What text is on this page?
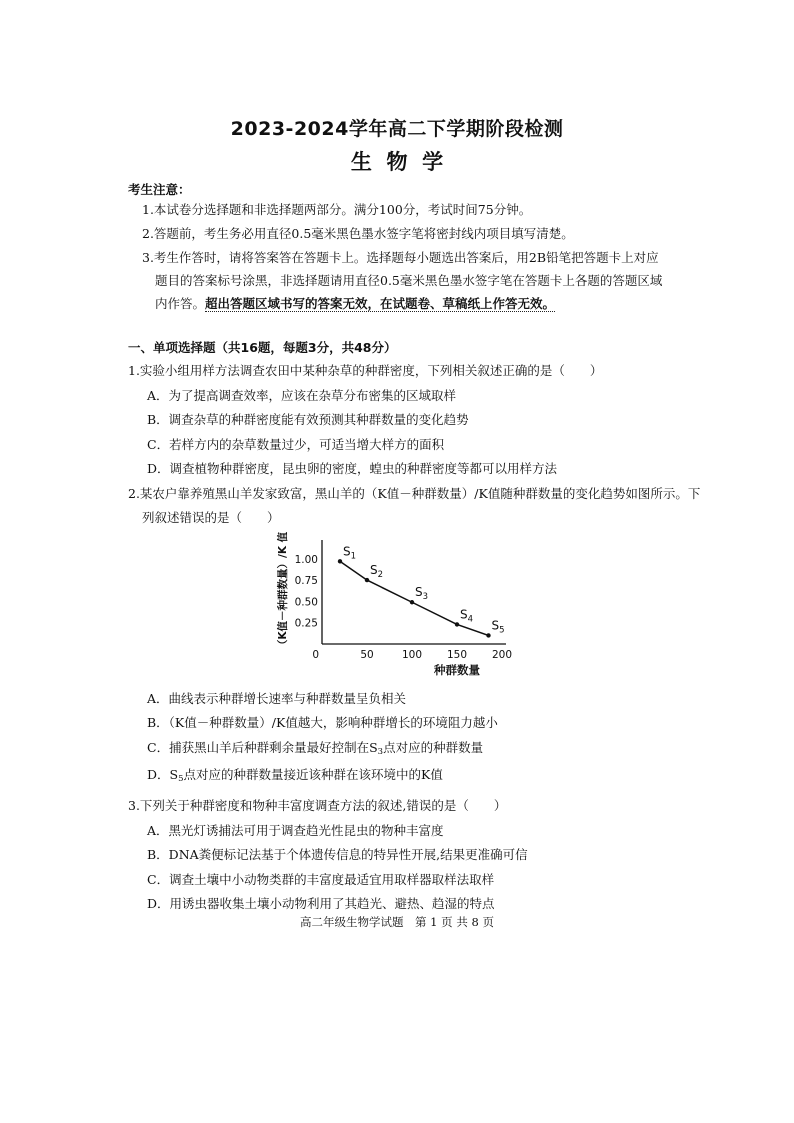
2023-2024学年高二下学期阶段检测
生  物  学
考生注意：
1.本试卷分选择题和非选择题两部分。满分100分，考试时间75分钟。
2.答题前，考生务必用直径0.5毫米黑色墨水签字笔将密封线内项目填写清楚。
3.考生作答时，请将答案答在答题卡上。选择题每小题选出答案后，用2B铅笔把答题卡上对应
题目的答案标号涂黑，非选择题请用直径0.5毫米黑色墨水签字笔在答题卡上各题的答题区域
内作答。超出答题区域书写的答案无效，在试题卷、草稿纸上作答无效。
一、单项选择题（共16题，每题3分，共48分）
1.实验小组用样方法调查农田中某种杂草的种群密度，下列相关叙述正确的是（　　）
A．为了提高调查效率，应该在杂草分布密集的区域取样
B．调查杂草的种群密度能有效预测其种群数量的变化趋势
C．若样方内的杂草数量过少，可适当增大样方的面积
D．调查植物种群密度，昆虫卵的密度，蝗虫的种群密度等都可以用样方法
2.某农户靠养殖黑山羊发家致富，黑山羊的（K值－种群数量）/K值随种群数量的变化趋势如图所示。下
列叙述错误的是（　　）
0	50	100 150 200
1.00
0.75
0.50
0.25
种群数量
（K值－种群数量）/K 值	$S_1$
$S_2$
$S_3$
$S_4$ $S_5$
A．曲线表示种群增长速率与种群数量呈负相关
B．（K值－种群数量）/K值越大，影响种群增长的环境阻力越小
C．捕获黑山羊后种群剩余量最好控制在$S_3$点对应的种群数量
D．$S_5$点对应的种群数量接近该种群在该环境中的K值
3.下列关于种群密度和物种丰富度调查方法的叙述,错误的是（　　）
A．黑光灯诱捕法可用于调查趋光性昆虫的物种丰富度
B．DNA粪便标记法基于个体遗传信息的特异性开展,结果更准确可信
C．调查土壤中小动物类群的丰富度最适宜用取样器取样法取样
D．用诱虫器收集土壤小动物利用了其趋光、避热、趋湿的特点
高二年级生物学试题　第 1 页 共 8 页
